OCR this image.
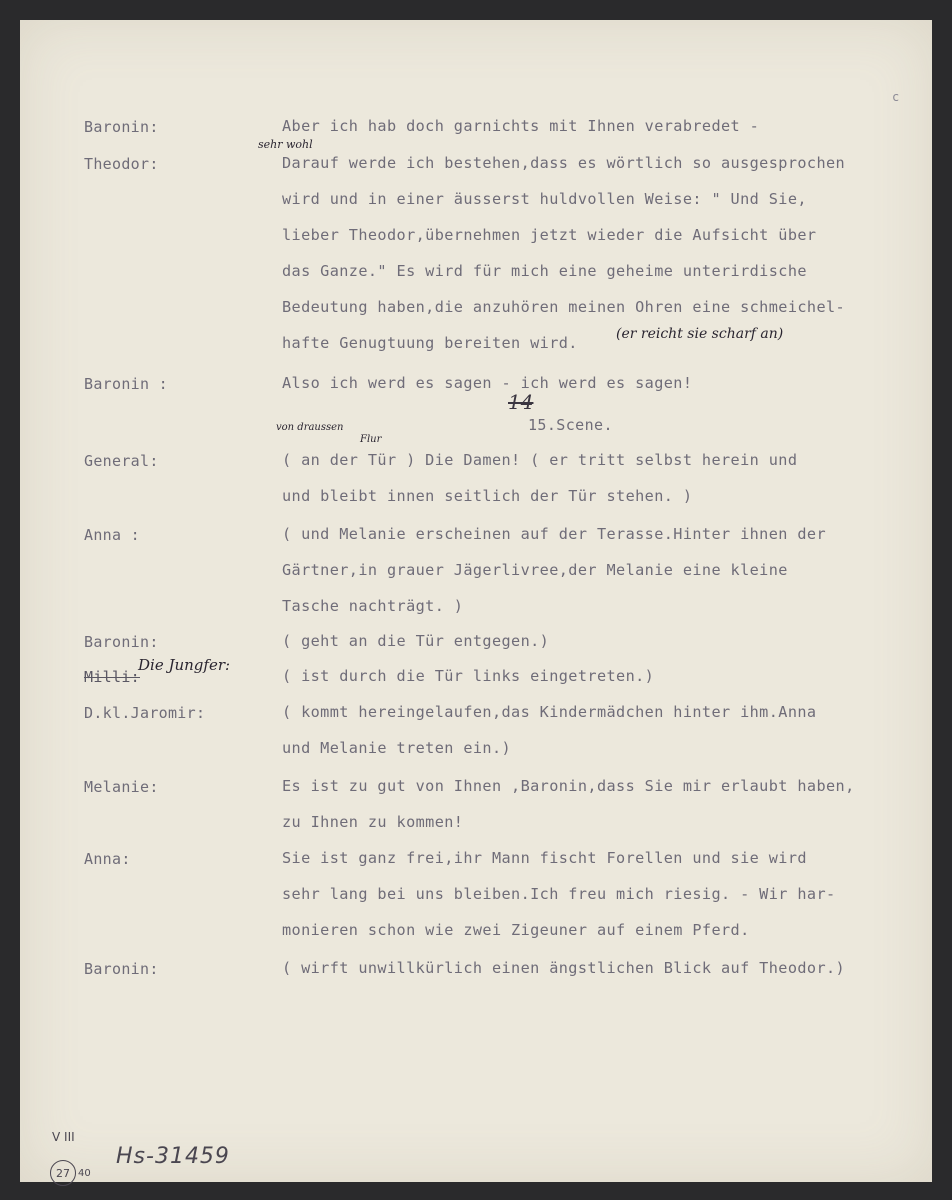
c
Baronin:	Aber ich hab doch garnichts mit Ihnen verabredet -
Theodor:	Darauf werde ich bestehen,dass es wörtlich so ausgesprochen
wird und in einer äusserst huldvollen Weise: " Und Sie,
lieber Theodor,übernehmen jetzt wieder die Aufsicht über
das Ganze." Es wird für mich eine geheime unterirdische
Bedeutung haben,die anzuhören meinen Ohren eine schmeichel-
hafte Genugtuung bereiten wird.
sehr wohl
(er reicht sie scharf an)
Baronin :	Also ich werd es sagen - ich werd es sagen!
14
15.Scene.
General:	( an der Tür ) Die Damen! ( er tritt selbst herein und
und bleibt innen seitlich der Tür stehen. )
von draussen
Flur
Anna :	( und Melanie erscheinen auf der Terasse.Hinter ihnen der
Gärtner,in grauer Jägerlivree,der Melanie eine kleine
Tasche nachträgt. )
Baronin:	( geht an die Tür entgegen.)
Milli:	( ist durch die Tür links eingetreten.)
Die Jungfer:
D.kl.Jaromir:	( kommt hereingelaufen,das Kindermädchen hinter ihm.Anna
und Melanie treten ein.)
Melanie:	Es ist zu gut von Ihnen ,Baronin,dass Sie mir erlaubt haben,
zu Ihnen zu kommen!
Anna:	Sie ist ganz frei,ihr Mann fischt Forellen und sie wird
sehr lang bei uns bleiben.Ich freu mich riesig. - Wir har-
monieren schon wie zwei Zigeuner auf einem Pferd.
Baronin:	( wirft unwillkürlich einen ängstlichen Blick auf Theodor.)
V III
27 40
Hs-31459
